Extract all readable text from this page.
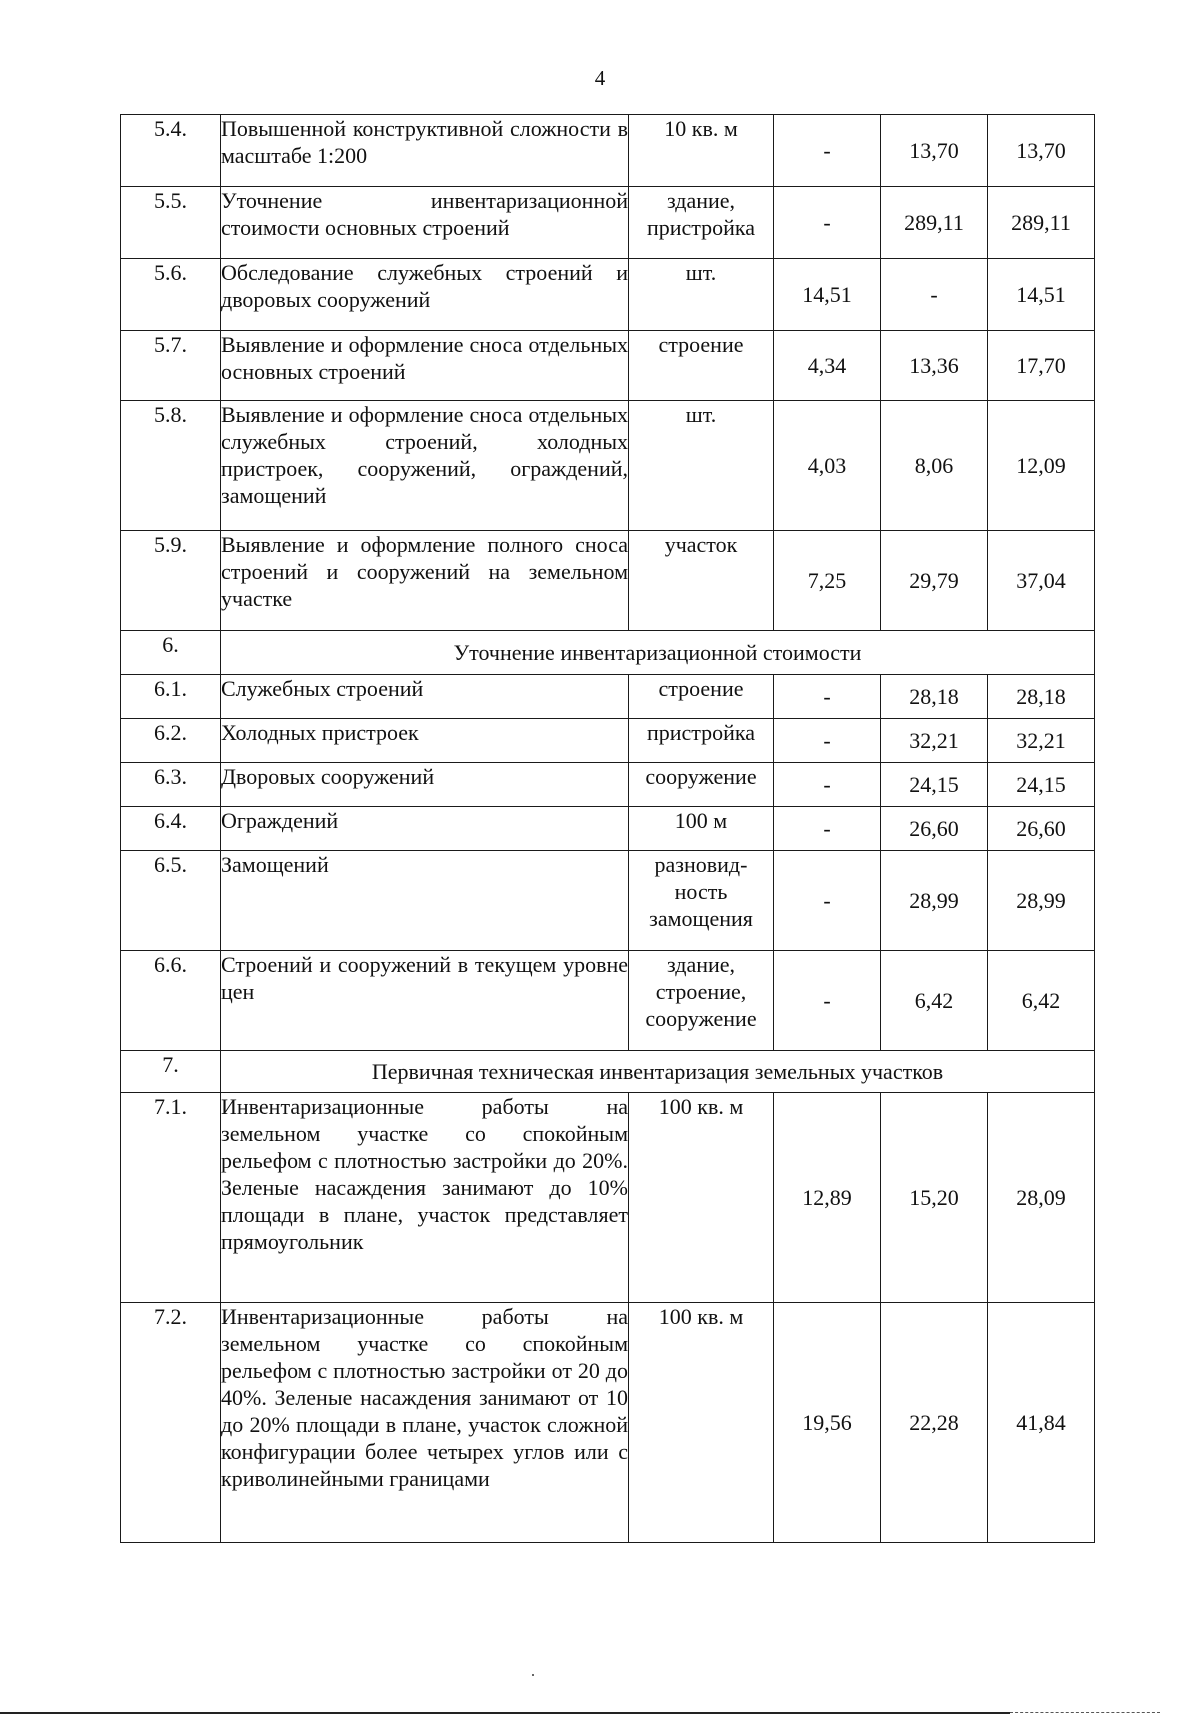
4
5.4.	Повышенной конструктивной сложности в масштабе 1:200	10 кв. м	-	13,70	13,70
5.5.	Уточнение инвентаризационной стоимости основных строений	здание, пристройка	-	289,11	289,11
5.6.	Обследование служебных строений и дворовых сооружений	шт.	14,51	-	14,51
5.7.	Выявление и оформление сноса отдельных основных строений	строение	4,34	13,36	17,70
5.8.	Выявление и оформление сноса отдельных служебных строений, холодных пристроек, сооружений, ограждений, замощений	шт.	4,03	8,06	12,09
5.9.	Выявление и оформление полного сноса строений и сооружений на земельном участке	участок	7,25	29,79	37,04
6.	Уточнение инвентаризационной стоимости				
6.1.	Служебных строений	строение	-	28,18	28,18
6.2.	Холодных пристроек	пристройка	-	32,21	32,21
6.3.	Дворовых сооружений	сооружение	-	24,15	24,15
6.4.	Ограждений	100 м	-	26,60	26,60
6.5.	Замощений	разновид-ность замощения	-	28,99	28,99
6.6.	Строений и сооружений в текущем уровне цен	здание, строение, сооружение	-	6,42	6,42
7.	Первичная техническая инвентаризация земельных участков				
7.1.	Инвентаризационные работы на земельном участке со спокойным рельефом с плотностью застройки до 20%. Зеленые насаждения занимают до 10% площади в плане, участок представляет прямоугольник	100 кв. м	12,89	15,20	28,09
7.2.	Инвентаризационные работы на земельном участке со спокойным рельефом с плотностью застройки от 20 до 40%. Зеленые насаждения занимают от 10 до 20% площади в плане, участок сложной конфигурации более четырех углов или с криволинейными границами	100 кв. м	19,56	22,28	41,84
